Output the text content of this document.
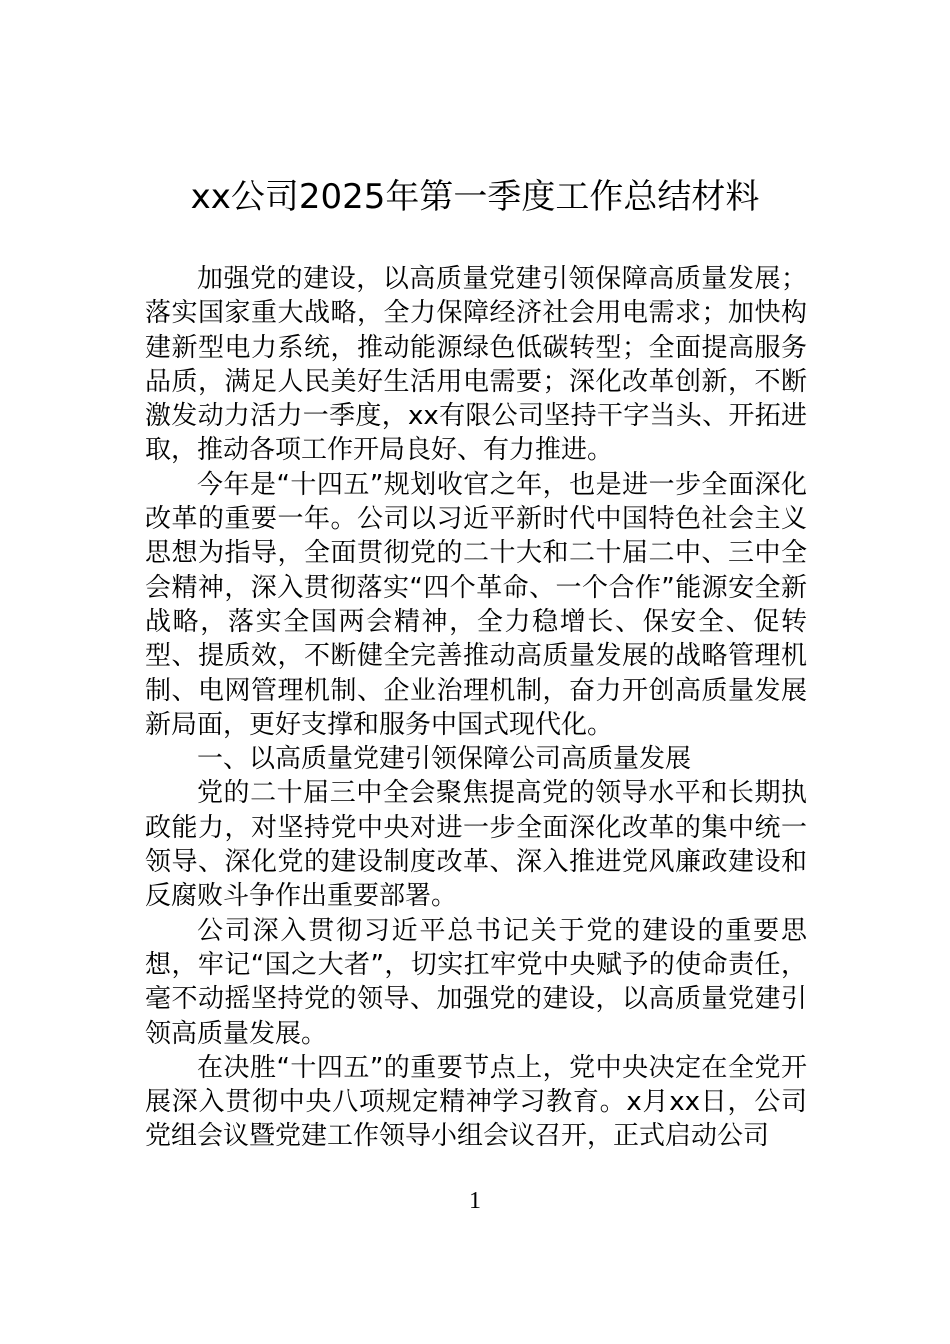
xx公司2025年第一季度工作总结材料

加强党的建设，以高质量党建引领保障高质量发展；落实国家重大战略，全力保障经济社会用电需求；加快构建新型电力系统，推动能源绿色低碳转型；全面提高服务品质，满足人民美好生活用电需要；深化改革创新，不断激发动力活力一季度，xx有限公司坚持干字当头、开拓进取，推动各项工作开局良好、有力推进。

今年是“十四五”规划收官之年，也是进一步全面深化改革的重要一年。公司以习近平新时代中国特色社会主义思想为指导，全面贯彻党的二十大和二十届二中、三中全会精神，深入贯彻落实“四个革命、一个合作”能源安全新战略，落实全国两会精神，全力稳增长、保安全、促转型、提质效，不断健全完善推动高质量发展的战略管理机制、电网管理机制、企业治理机制，奋力开创高质量发展新局面，更好支撑和服务中国式现代化。

一、以高质量党建引领保障公司高质量发展

党的二十届三中全会聚焦提高党的领导水平和长期执政能力，对坚持党中央对进一步全面深化改革的集中统一领导、深化党的建设制度改革、深入推进党风廉政建设和反腐败斗争作出重要部署。

公司深入贯彻习近平总书记关于党的建设的重要思想，牢记“国之大者”，切实扛牢党中央赋予的使命责任，毫不动摇坚持党的领导、加强党的建设，以高质量党建引领高质量发展。

在决胜“十四五”的重要节点上，党中央决定在全党开展深入贯彻中央八项规定精神学习教育。x月xx日，公司党组会议暨党建工作领导小组会议召开，正式启动公司

1
